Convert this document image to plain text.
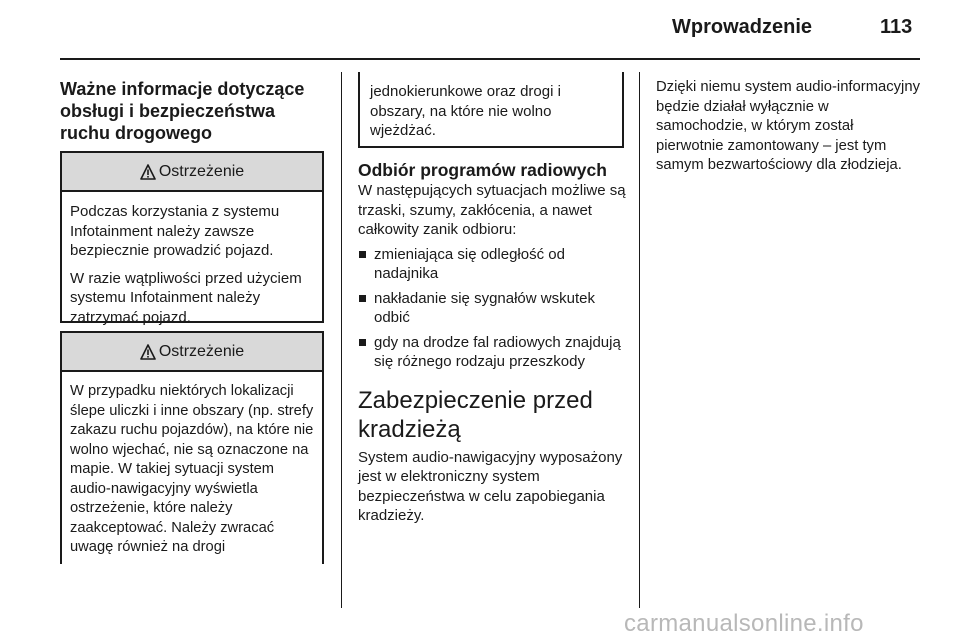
Wprowadzenie	113
Ważne informacje dotyczące obsługi i bezpieczeństwa ruchu drogowego
Ostrzeżenie

Podczas korzystania z systemu Infotainment należy zawsze bezpiecznie prowadzić pojazd.

W razie wątpliwości przed użyciem systemu Infotainment należy zatrzymać pojazd.

Ostrzeżenie

W przypadku niektórych lokalizacji ślepe uliczki i inne obszary (np. strefy zakazu ruchu pojazdów), na które nie wolno wjechać, nie są oznaczone na mapie. W takiej sytuacji system audio-nawigacyjny wyświetla ostrzeżenie, które należy zaakceptować. Należy zwracać uwagę również na drogi

jednokierunkowe oraz drogi i obszary, na które nie wolno wjeżdżać.

Odbiór programów radiowych

W następujących sytuacjach możliwe są trzaski, szumy, zakłócenia, a nawet całkowity zanik odbioru:

zmieniająca się odległość od nadajnika
nakładanie się sygnałów wskutek odbić
gdy na drodze fal radiowych znajdują się różnego rodzaju przeszkody
Zabezpieczenie przed kradzieżą

System audio-nawigacyjny wyposażony jest w elektroniczny system bezpieczeństwa w celu zapobiegania kradzieży.

Dzięki niemu system audio-informacyjny będzie działał wyłącznie w samochodzie, w którym został pierwotnie zamontowany – jest tym samym bezwartościowy dla złodzieja.

carmanualsonline.info
